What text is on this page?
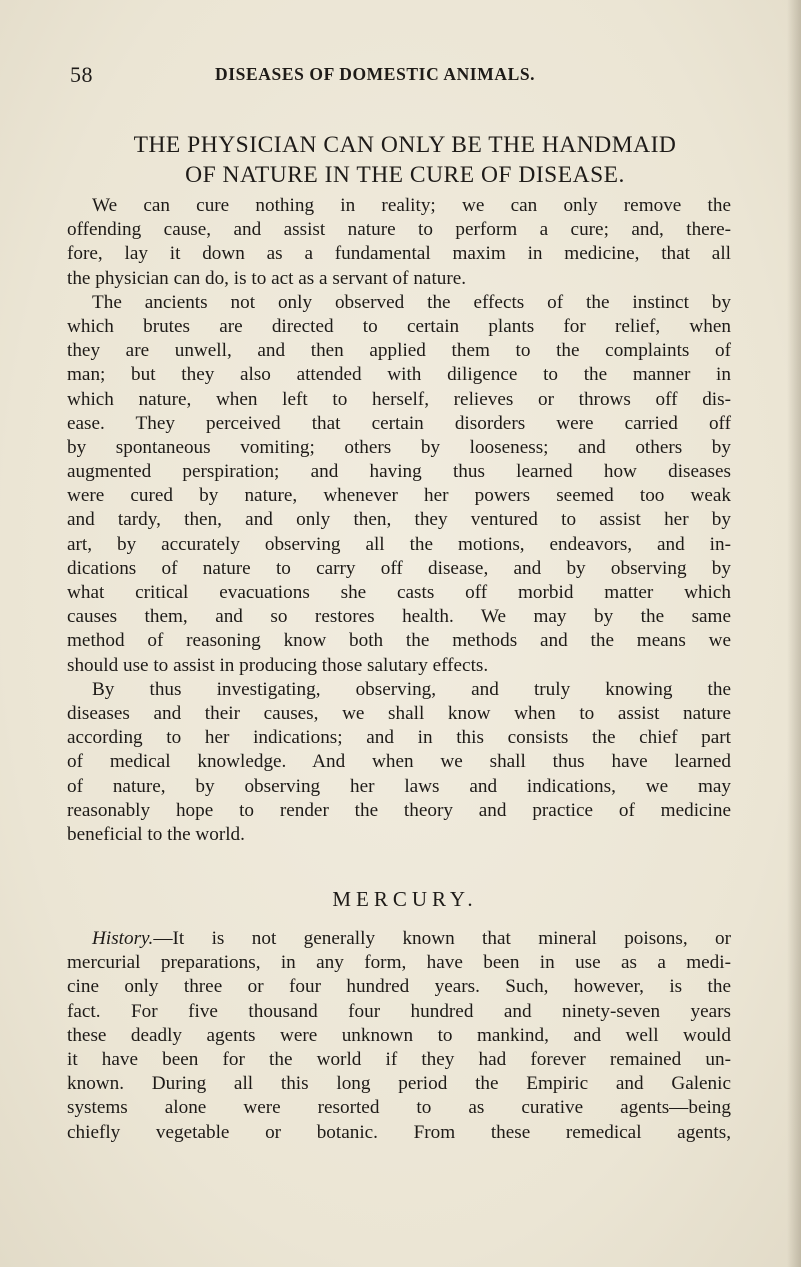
58	DISEASES OF DOMESTIC ANIMALS.
THE PHYSICIAN CAN ONLY BE THE HANDMAID
OF NATURE IN THE CURE OF DISEASE.
We can cure nothing in reality; we can only remove the
offending cause, and assist nature to perform a cure; and, there-
fore, lay it down as a fundamental maxim in medicine, that all
the physician can do, is to act as a servant of nature.
The ancients not only observed the effects of the instinct by
which brutes are directed to certain plants for relief, when
they are unwell, and then applied them to the complaints of
man; but they also attended with diligence to the manner in
which nature, when left to herself, relieves or throws off dis-
ease. They perceived that certain disorders were carried off
by spontaneous vomiting; others by looseness; and others by
augmented perspiration; and having thus learned how diseases
were cured by nature, whenever her powers seemed too weak
and tardy, then, and only then, they ventured to assist her by
art, by accurately observing all the motions, endeavors, and in-
dications of nature to carry off disease, and by observing by
what critical evacuations she casts off morbid matter which
causes them, and so restores health. We may by the same
method of reasoning know both the methods and the means we
should use to assist in producing those salutary effects.
By thus investigating, observing, and truly knowing the
diseases and their causes, we shall know when to assist nature
according to her indications; and in this consists the chief part
of medical knowledge. And when we shall thus have learned
of nature, by observing her laws and indications, we may
reasonably hope to render the theory and practice of medicine
beneficial to the world.
MERCURY.
History.—It is not generally known that mineral poisons, or
mercurial preparations, in any form, have been in use as a medi-
cine only three or four hundred years. Such, however, is the
fact. For five thousand four hundred and ninety-seven years
these deadly agents were unknown to mankind, and well would
it have been for the world if they had forever remained un-
known. During all this long period the Empiric and Galenic
systems alone were resorted to as curative agents—being
chiefly vegetable or botanic. From these remedical agents,
